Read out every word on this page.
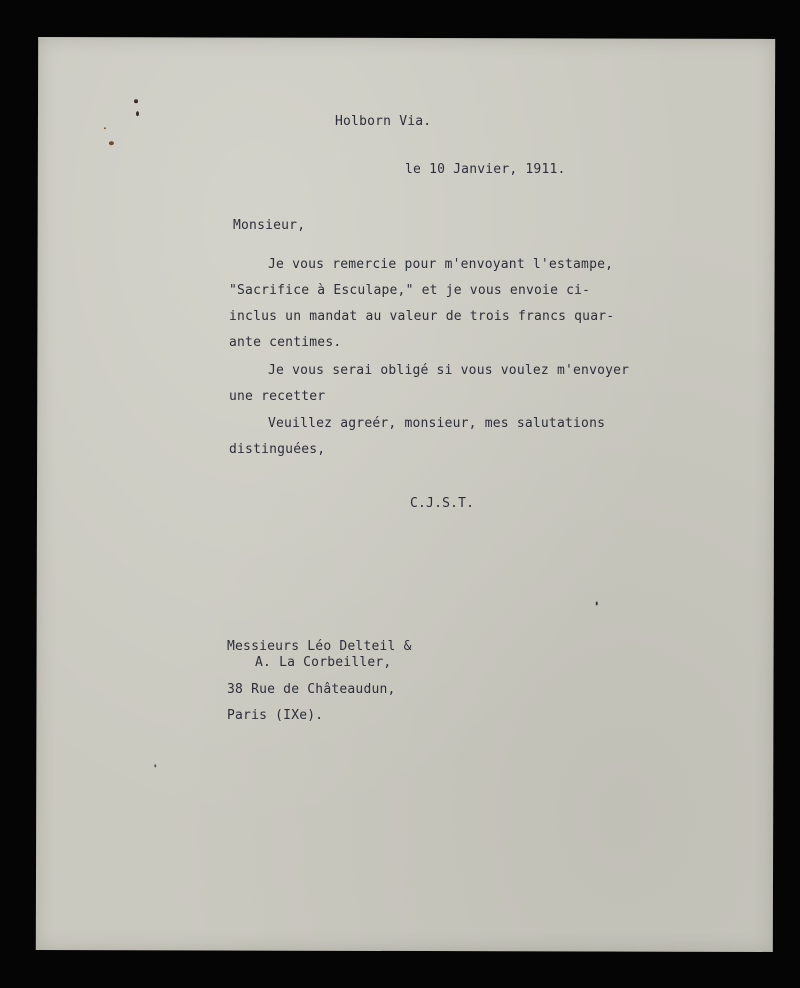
Holborn Via.
le 10 Janvier, 1911.
Monsieur,
Je vous remercie pour m'envoyant l'estampe,
"Sacrifice à Esculape," et je vous envoie ci-
inclus un mandat au valeur de trois francs quar-
ante centimes.
Je vous serai obligé si vous voulez m'envoyer
une recetter
Veuillez agreér, monsieur, mes salutations
distinguées,
C.J.S.T.
Messieurs Léo Delteil &
A. La Corbeiller,
38 Rue de Châteaudun,
Paris (IXe).
